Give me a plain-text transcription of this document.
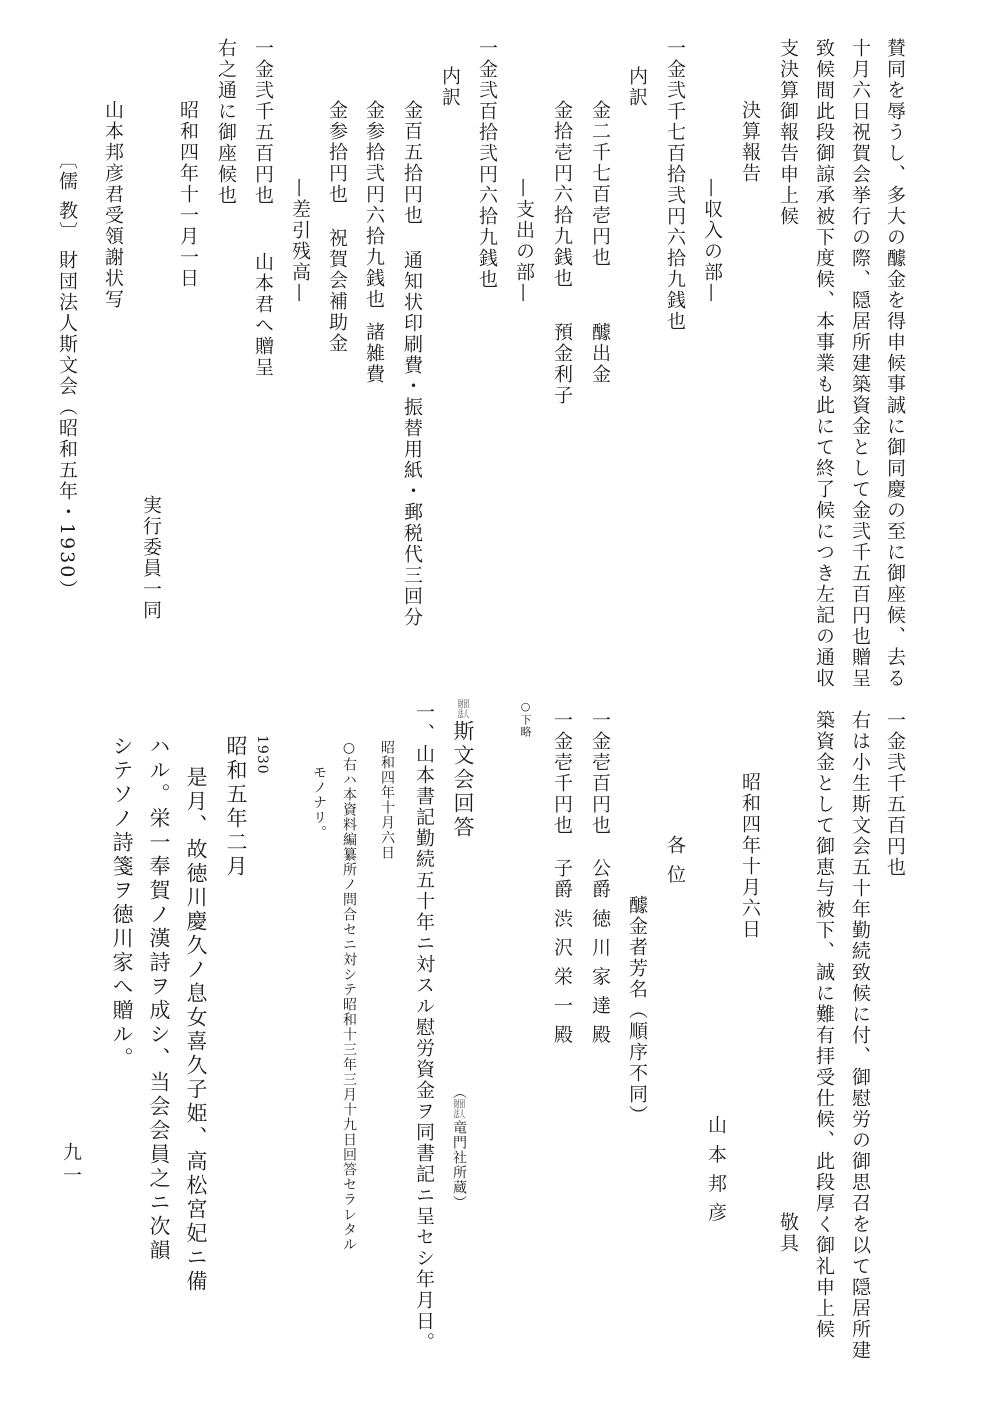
賛同を辱うし、多大の醵金を得申候事誠に御同慶の至に御座候、去る
十月六日祝賀会挙行の際、隠居所建築資金として金弐千五百円也贈呈
致候間此段御諒承被下度候、本事業も此にて終了候につき左記の通収
支決算御報告申上候
決算報告
—収入の部—
一金弐千七百拾弐円六拾九銭也
内訳
金二千七百壱円也
醵出金
金拾壱円六拾九銭也
預金利子
—支出の部—
一金弐百拾弐円六拾九銭也
内訳
金百五拾円也
通知状印刷費・振替用紙・郵税代三回分
金参拾弐円六拾九銭也
諸雑費
金参拾円也
祝賀会補助金
—差引残高—
一金弐千五百円也
山本君へ贈呈
右之通に御座候也
昭和四年十一月一日
実行委員一同
山本邦彦君受領謝状写
〔儒 教〕
財団法人斯文会（昭和五年・1930）
一金弐千五百円也
右は小生斯文会五十年勤続致候に付、御慰労の御思召を以て隠居所建
築資金として御恵与被下、誠に難有拝受仕候、此段厚く御礼申上候
敬具
昭和四年十月六日
山 本 邦 彦
各 位
醵金者芳名（順序不同）
一金壱百円也
公爵 徳 川 家 達 殿
一金壱千円也
子爵 渋 沢 栄 一 殿
○下略
財団法人斯文会回答
（財団法人竜門社所蔵）
一、山本書記勤続五十年ニ対スル慰労資金ヲ同書記ニ呈セシ年月日。
昭和四年十月六日
○右ハ本資料編纂所ノ問合セニ対シテ昭和十三年三月十九日回答セラレタル
モノナリ。
1930
昭和五年二月
是月、故徳川慶久ノ息女喜久子姫、高松宮妃ニ備
ハル。栄一奉賀ノ漢詩ヲ成シ、当会会員之ニ次韻
シテソノ詩箋ヲ徳川家へ贈ル。
九一
